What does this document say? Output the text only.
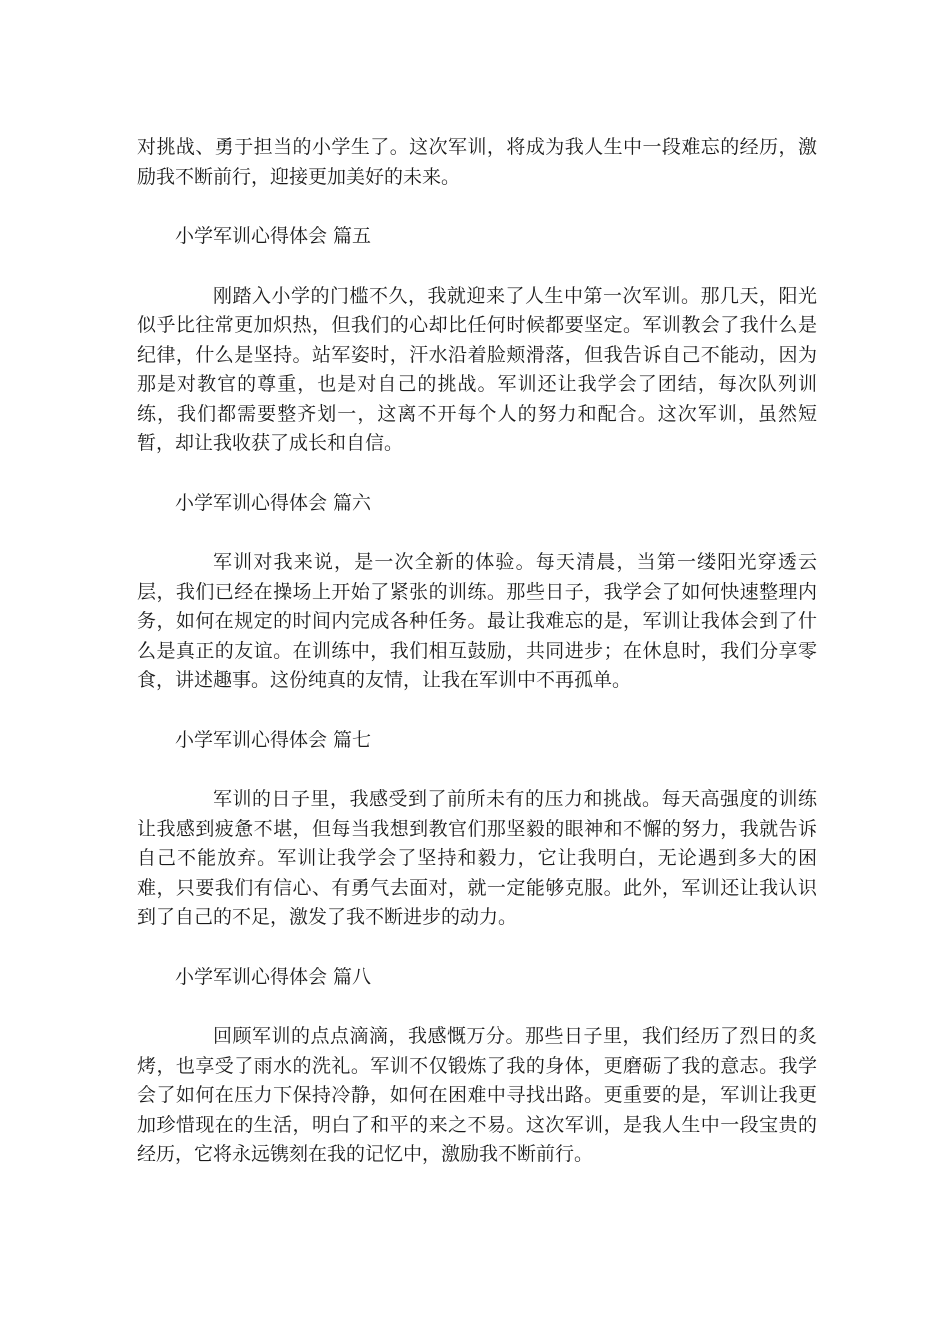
对挑战、勇于担当的小学生了。这次军训，将成为我人生中一段难忘的经历，激励我不断前行，迎接更加美好的未来。

小学军训心得体会 篇五

刚踏入小学的门槛不久，我就迎来了人生中第一次军训。那几天，阳光似乎比往常更加炽热，但我们的心却比任何时候都要坚定。军训教会了我什么是纪律，什么是坚持。站军姿时，汗水沿着脸颊滑落，但我告诉自己不能动，因为那是对教官的尊重，也是对自己的挑战。军训还让我学会了团结，每次队列训练，我们都需要整齐划一，这离不开每个人的努力和配合。这次军训，虽然短暂，却让我收获了成长和自信。

小学军训心得体会 篇六

军训对我来说，是一次全新的体验。每天清晨，当第一缕阳光穿透云层，我们已经在操场上开始了紧张的训练。那些日子，我学会了如何快速整理内务，如何在规定的时间内完成各种任务。最让我难忘的是，军训让我体会到了什么是真正的友谊。在训练中，我们相互鼓励，共同进步；在休息时，我们分享零食，讲述趣事。这份纯真的友情，让我在军训中不再孤单。

小学军训心得体会 篇七

军训的日子里，我感受到了前所未有的压力和挑战。每天高强度的训练让我感到疲惫不堪，但每当我想到教官们那坚毅的眼神和不懈的努力，我就告诉自己不能放弃。军训让我学会了坚持和毅力，它让我明白，无论遇到多大的困难，只要我们有信心、有勇气去面对，就一定能够克服。此外，军训还让我认识到了自己的不足，激发了我不断进步的动力。

小学军训心得体会 篇八

回顾军训的点点滴滴，我感慨万分。那些日子里，我们经历了烈日的炙烤，也享受了雨水的洗礼。军训不仅锻炼了我的身体，更磨砺了我的意志。我学会了如何在压力下保持冷静，如何在困难中寻找出路。更重要的是，军训让我更加珍惜现在的生活，明白了和平的来之不易。这次军训，是我人生中一段宝贵的经历，它将永远镌刻在我的记忆中，激励我不断前行。
